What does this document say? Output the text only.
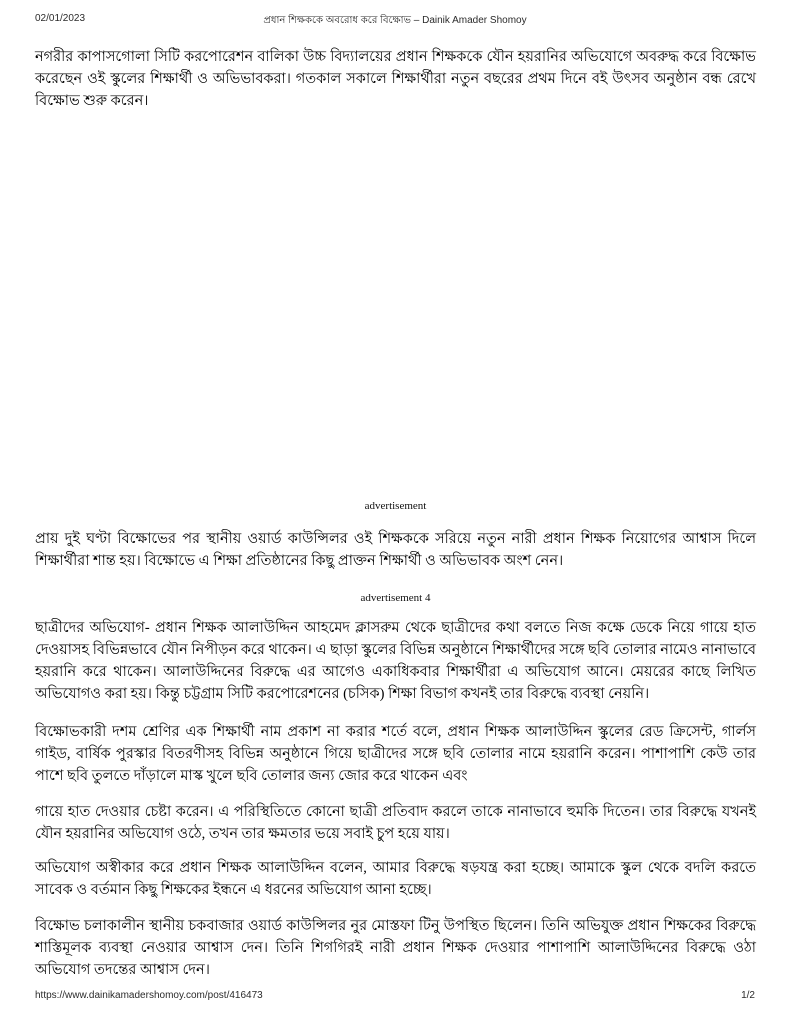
02/01/2023	প্রধান শিক্ষককে অবরোধ করে বিক্ষোভ – Dainik Amader Shomoy

নগরীর কাপাসগোলা সিটি করপোরেশন বালিকা উচ্চ বিদ্যালয়ের প্রধান শিক্ষককে যৌন হয়রানির অভিযোগে অবরুদ্ধ করে বিক্ষোভ করেছেন ওই স্কুলের শিক্ষার্থী ও অভিভাবকরা। গতকাল সকালে শিক্ষার্থীরা নতুন বছরের প্রথম দিনে বই উৎসব অনুষ্ঠান বন্ধ রেখে বিক্ষোভ শুরু করেন।

advertisement

প্রায় দুই ঘণ্টা বিক্ষোভের পর স্থানীয় ওয়ার্ড কাউন্সিলর ওই শিক্ষককে সরিয়ে নতুন নারী প্রধান শিক্ষক নিয়োগের আশ্বাস দিলে শিক্ষার্থীরা শান্ত হয়। বিক্ষোভে এ শিক্ষা প্রতিষ্ঠানের কিছু প্রাক্তন শিক্ষার্থী ও অভিভাবক অংশ নেন।

advertisement 4

ছাত্রীদের অভিযোগ- প্রধান শিক্ষক আলাউদ্দিন আহমেদ ক্লাসরুম থেকে ছাত্রীদের কথা বলতে নিজ কক্ষে ডেকে নিয়ে গায়ে হাত দেওয়াসহ বিভিন্নভাবে যৌন নিপীড়ন করে থাকেন। এ ছাড়া স্কুলের বিভিন্ন অনুষ্ঠানে শিক্ষার্থীদের সঙ্গে ছবি তোলার নামেও নানাভাবে হয়রানি করে থাকেন। আলাউদ্দিনের বিরুদ্ধে এর আগেও একাধিকবার শিক্ষার্থীরা এ অভিযোগ আনে। মেয়রের কাছে লিখিত অভিযোগও করা হয়। কিন্তু চট্টগ্রাম সিটি করপোরেশনের (চসিক) শিক্ষা বিভাগ কখনই তার বিরুদ্ধে ব্যবস্থা নেয়নি।

বিক্ষোভকারী দশম শ্রেণির এক শিক্ষার্থী নাম প্রকাশ না করার শর্তে বলে, প্রধান শিক্ষক আলাউদ্দিন স্কুলের রেড ক্রিসেন্ট, গার্লস গাইড, বার্ষিক পুরস্কার বিতরণীসহ বিভিন্ন অনুষ্ঠানে গিয়ে ছাত্রীদের সঙ্গে ছবি তোলার নামে হয়রানি করেন। পাশাপাশি কেউ তার পাশে ছবি তুলতে দাঁড়ালে মাস্ক খুলে ছবি তোলার জন্য জোর করে থাকেন এবং

গায়ে হাত দেওয়ার চেষ্টা করেন। এ পরিস্থিতিতে কোনো ছাত্রী প্রতিবাদ করলে তাকে নানাভাবে হুমকি দিতেন। তার বিরুদ্ধে যখনই যৌন হয়রানির অভিযোগ ওঠে, তখন তার ক্ষমতার ভয়ে সবাই চুপ হয়ে যায়।

অভিযোগ অস্বীকার করে প্রধান শিক্ষক আলাউদ্দিন বলেন, আমার বিরুদ্ধে ষড়যন্ত্র করা হচ্ছে। আমাকে স্কুল থেকে বদলি করতে সাবেক ও বর্তমান কিছু শিক্ষকের ইন্ধনে এ ধরনের অভিযোগ আনা হচ্ছে।

বিক্ষোভ চলাকালীন স্থানীয় চকবাজার ওয়ার্ড কাউন্সিলর নুর মোস্তফা টিনু উপস্থিত ছিলেন। তিনি অভিযুক্ত প্রধান শিক্ষকের বিরুদ্ধে শাস্তিমূলক ব্যবস্থা নেওয়ার আশ্বাস দেন। তিনি শিগগিরই নারী প্রধান শিক্ষক দেওয়ার পাশাপাশি আলাউদ্দিনের বিরুদ্ধে ওঠা অভিযোগ তদন্তের আশ্বাস দেন।

https://www.dainikamadershomoy.com/post/416473	1/2
